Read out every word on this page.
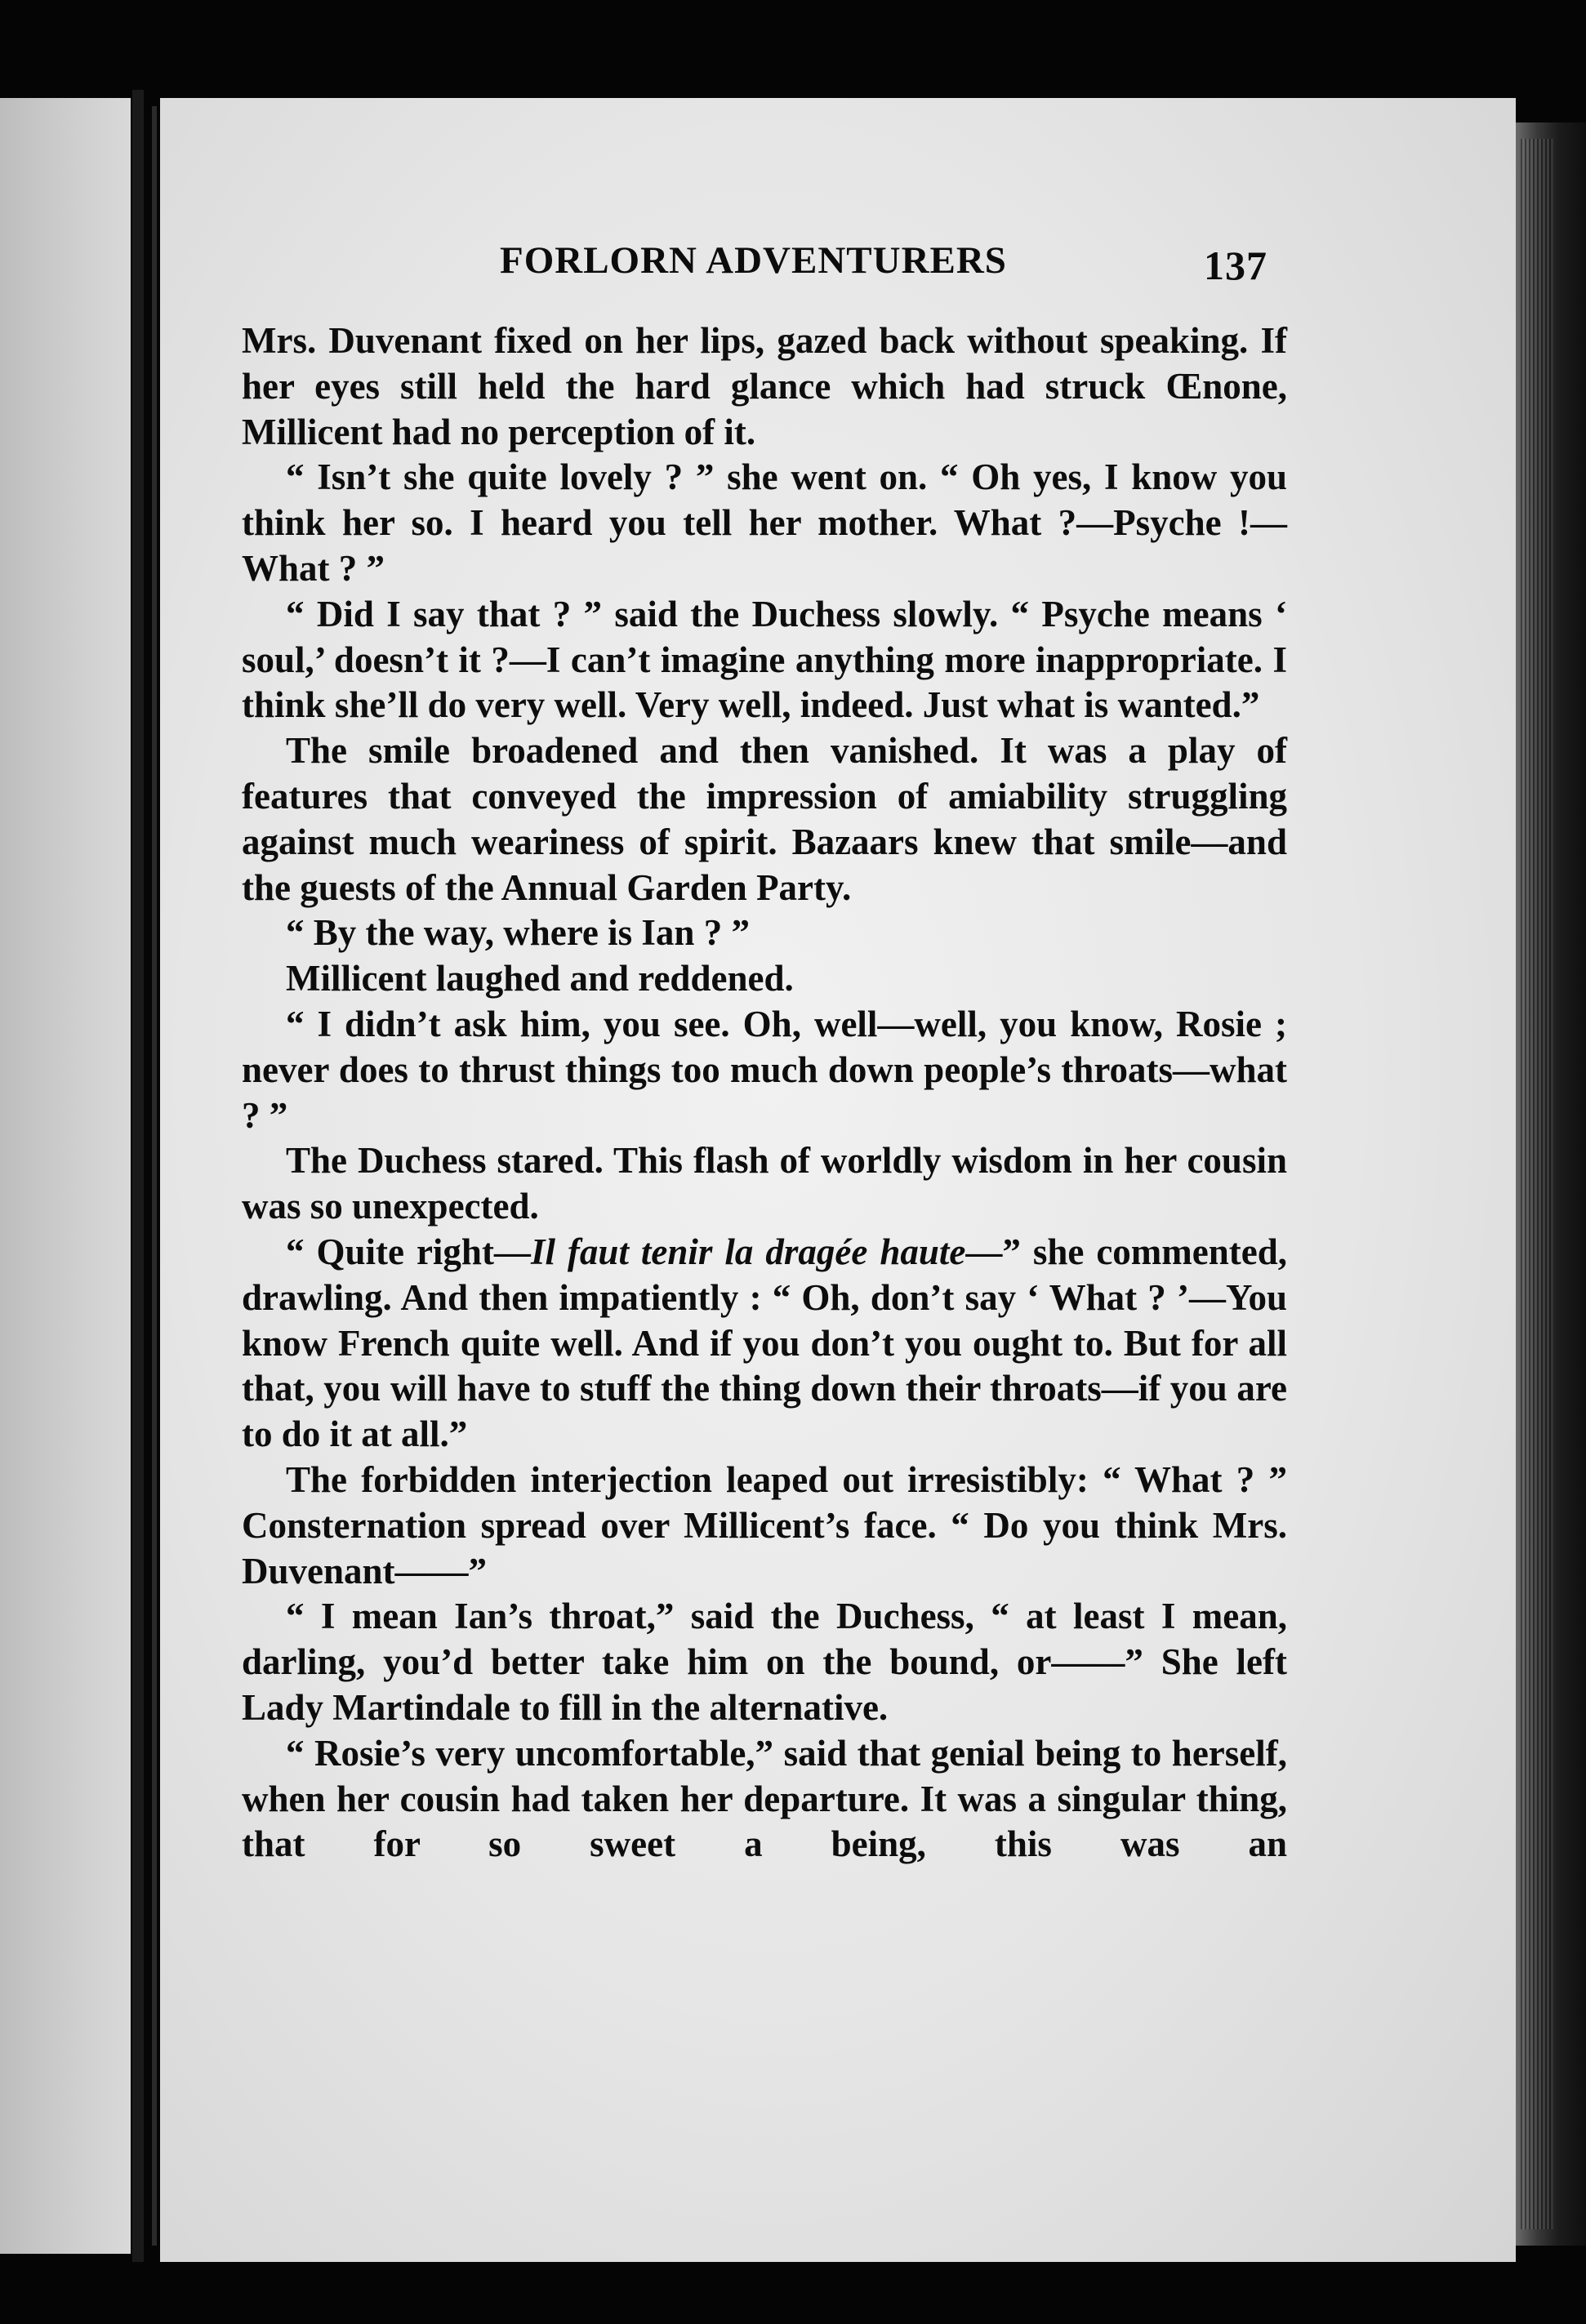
FORLORN ADVENTURERS	137

Mrs. Duvenant fixed on her lips, gazed back without speaking. If her eyes still held the hard glance which had struck Œnone, Millicent had no perception of it.

“ Isn’t she quite lovely ? ” she went on. “ Oh yes, I know you think her so. I heard you tell her mother. What ?—Psyche !—What ? ”

“ Did I say that ? ” said the Duchess slowly. “ Psyche means ‘ soul,’ doesn’t it ?—I can’t imagine anything more inappropriate. I think she’ll do very well. Very well, indeed. Just what is wanted.”

The smile broadened and then vanished. It was a play of features that conveyed the impression of amiability struggling against much weariness of spirit. Bazaars knew that smile—and the guests of the Annual Garden Party.

“ By the way, where is Ian ? ”

Millicent laughed and reddened.

“ I didn’t ask him, you see. Oh, well—well, you know, Rosie ; never does to thrust things too much down people’s throats—what ? ”

The Duchess stared. This flash of worldly wisdom in her cousin was so unexpected.

“ Quite right—Il faut tenir la dragée haute—” she commented, drawling. And then impatiently : “ Oh, don’t say ‘ What ? ’—You know French quite well. And if you don’t you ought to. But for all that, you will have to stuff the thing down their throats—if you are to do it at all.”

The forbidden interjection leaped out irresistibly: “ What ? ” Consternation spread over Millicent’s face. “ Do you think Mrs. Duvenant——”

“ I mean Ian’s throat,” said the Duchess, “ at least I mean, darling, you’d better take him on the bound, or——” She left Lady Martindale to fill in the alternative.

“ Rosie’s very uncomfortable,” said that genial being to herself, when her cousin had taken her departure. It was a singular thing, that for so sweet a being, this was an
